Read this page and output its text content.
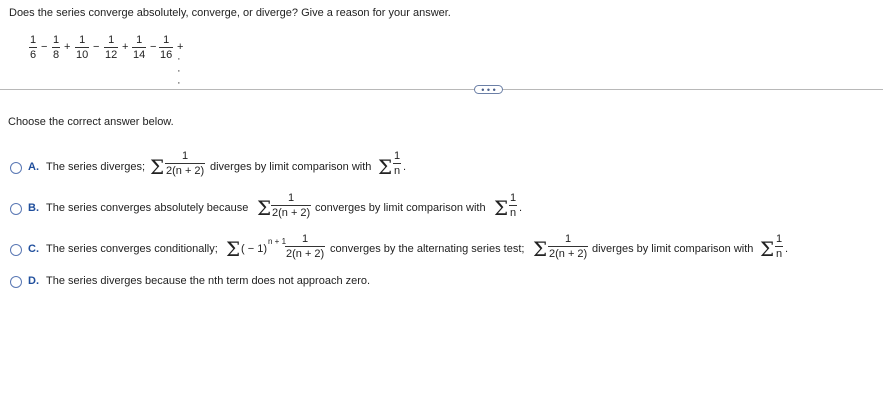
Does the series converge absolutely, converge, or diverge? Give a reason for your answer.
1
6
−
1
8
+
1
10
−
1
12
+
1
14
−
1
16
+ · · ·
• • •
Choose the correct answer below.
A. The series diverges; Σ 1
2(n + 2) diverges by limit comparison with Σ 1
n .
B. The series converges absolutely because Σ 1
2(n + 2) converges by limit comparison with Σ 1
n .
C. The series converges conditionally; Σ ( − 1)
n + 1 1
2(n + 2) converges by the alternating series test; Σ 1
2(n + 2) diverges by limit comparison with Σ 1
n .
D. The series diverges because the nth term does not approach zero.
